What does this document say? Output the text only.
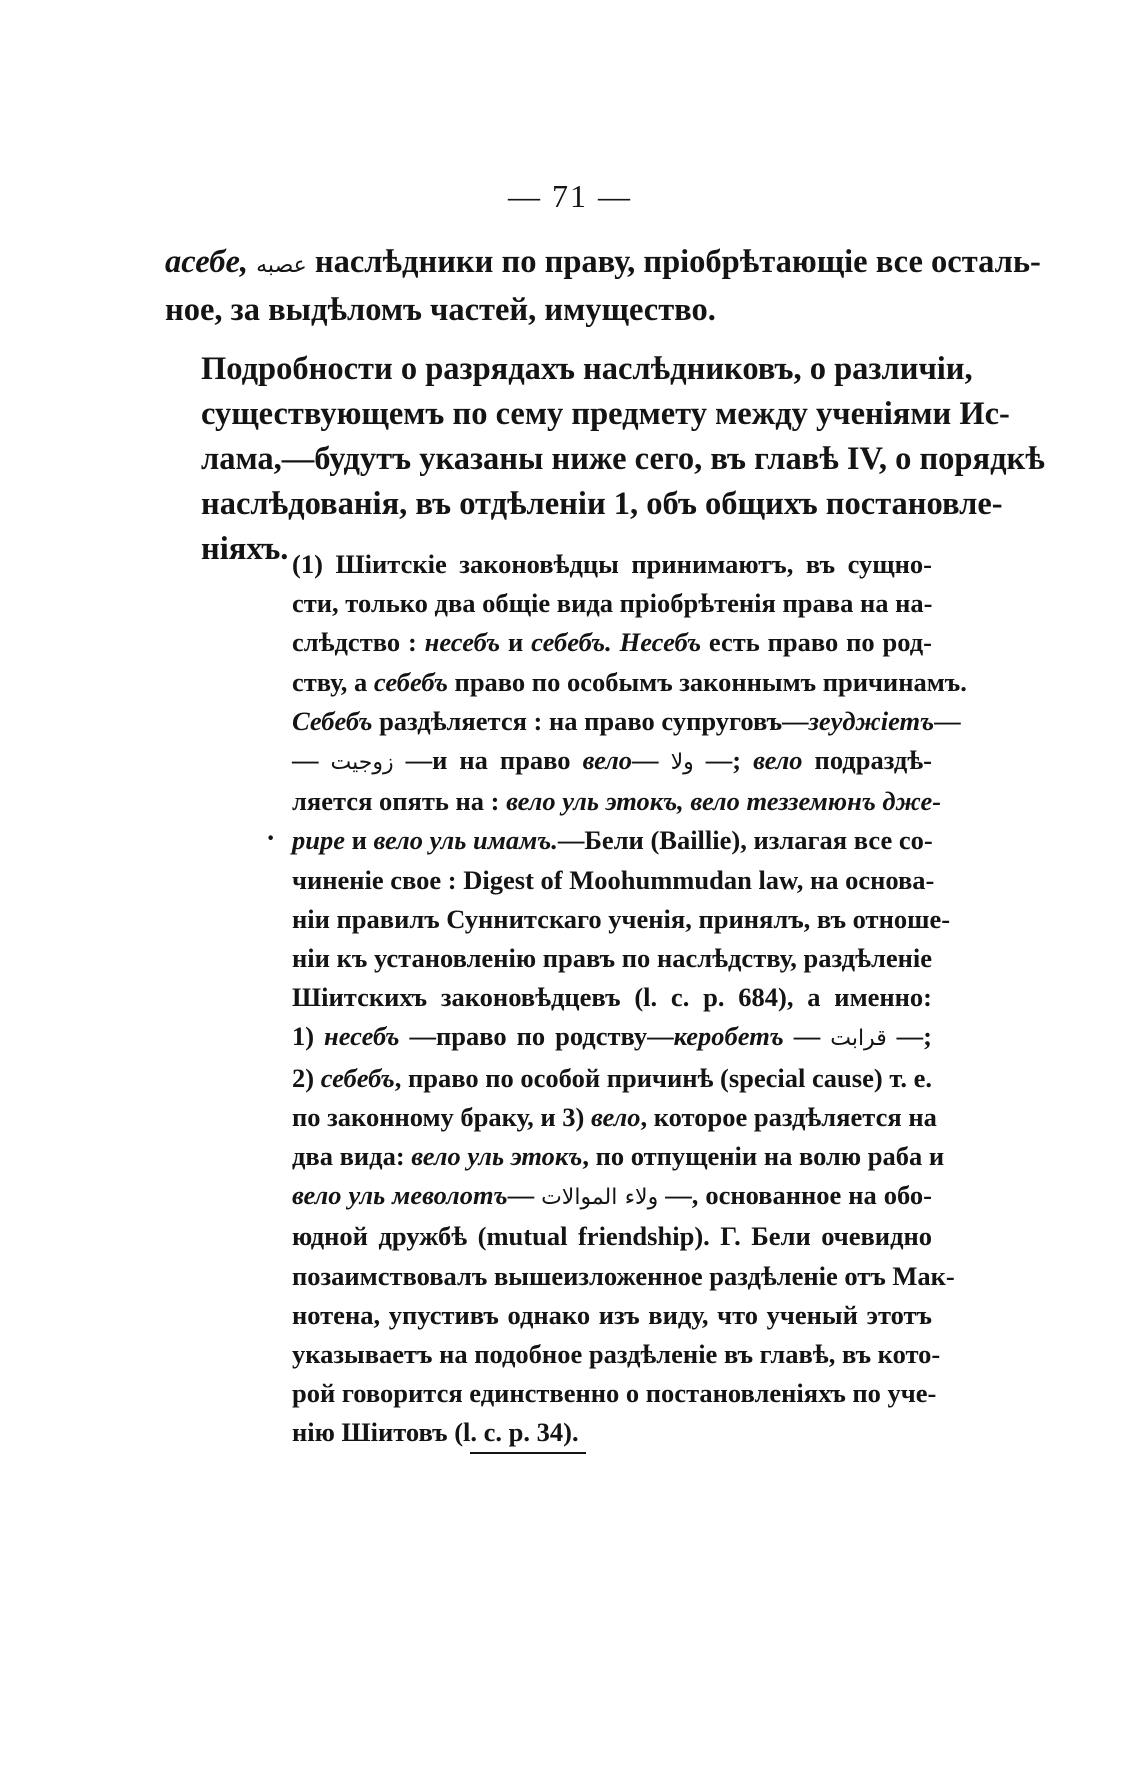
— 71 —

асебе, عصبه наслѣдники по праву, пріобрѣтающіе все осталь-
ное, за выдѣломъ частей, имущество.

Подробности о разрядахъ наслѣдниковъ, о различіи,
существующемъ по сему предмету между ученіями Ис-
лама,—будутъ указаны ниже сего, въ главѣ IV, о порядкѣ
наслѣдованія, въ отдѣленіи 1, объ общихъ постановле-
ніяхъ.

·

(1) Шіитскіе законовѣдцы принимаютъ, въ сущно-
сти, только два общіе вида пріобрѣтенія права на на-
слѣдство : несебъ и себебъ. Несебъ есть право по род-
ству, а себебъ право по особымъ законнымъ причинамъ.
Себебъ раздѣляется : на право супруговъ—зеуджіетъ—
— زوجيت —и на право вело— ولا —; вело подраздѣ-
ляется опять на : вело уль этокъ, вело тезземюнъ дже-
рире и вело уль имамъ.—Бели (Baillie), излагая все со-
чиненіе свое : Digest of Moohummudan law, на основа-
ніи правилъ Суннитскаго ученія, принялъ, въ отноше-
ніи къ установленію правъ по наслѣдству, раздѣленіе
Шіитскихъ законовѣдцевъ (l. c. p. 684), а именно:
1) несебъ —право по родству—керобетъ — قرابت —;
2) себебъ, право по особой причинѣ (special cause) т. е.
по законному браку, и 3) вело, которое раздѣляется на
два вида: вело уль этокъ, по отпущеніи на волю раба и
вело уль меволотъ— ولاء الموالات —, основанное на обо-
юдной дружбѣ (mutual friendship). Г. Бели очевидно
позаимствовалъ вышеизложенное раздѣленіе отъ Мак-
нотена, упустивъ однако изъ виду, что ученый этотъ
указываетъ на подобное раздѣленіе въ главѣ, въ кото-
рой говорится единственно о постановленіяхъ по уче-
нію Шіитовъ (l. c. p. 34).
